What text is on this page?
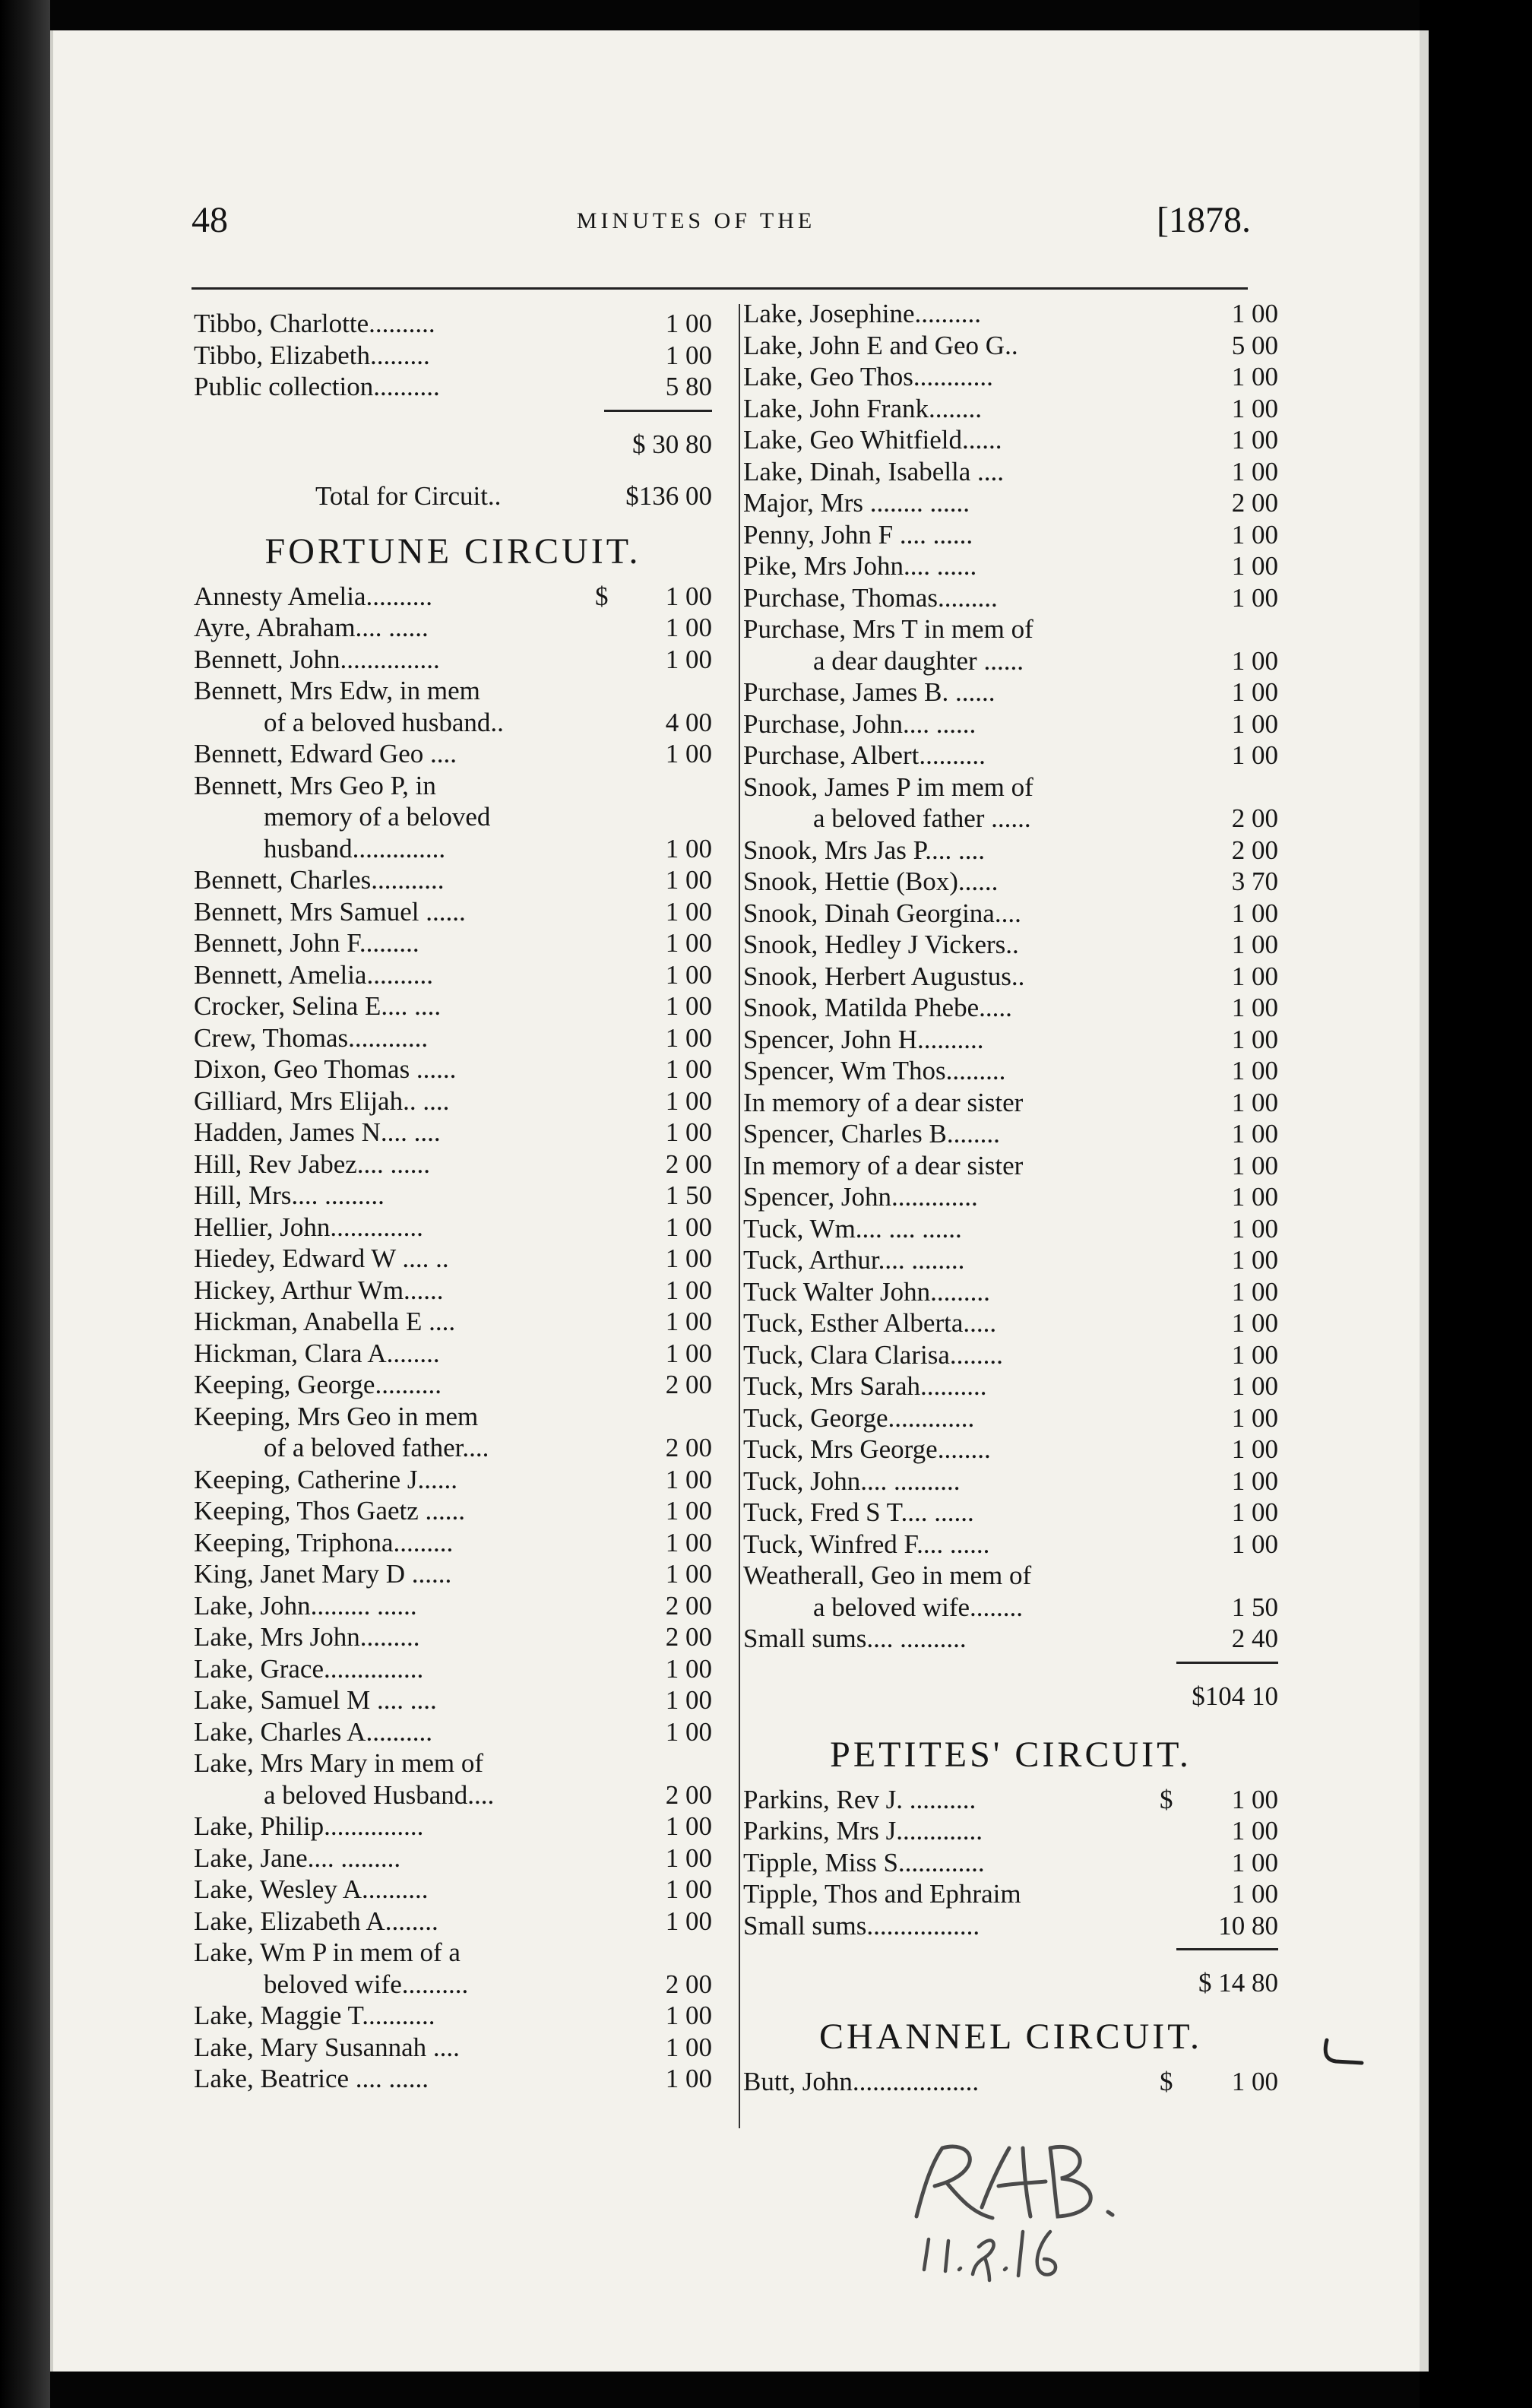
48	MINUTES OF THE	[1878.
Tibbo, Charlotte..........	1 00
Tibbo, Elizabeth.........	1 00
Public collection..........	5 80
$ 30 80
Total for Circuit..	$136 00
FORTUNE CIRCUIT.
Annesty Amelia..........	$ 1 00
Ayre, Abraham.... ......	1 00
Bennett, John...............	1 00
Bennett, Mrs Edw, in mem
of a beloved husband..	4 00
Bennett, Edward Geo ....	1 00
Bennett, Mrs Geo P, in
memory of a beloved
husband..............	1 00
Bennett, Charles...........	1 00
Bennett, Mrs Samuel ......	1 00
Bennett, John F.........	1 00
Bennett, Amelia..........	1 00
Crocker, Selina E.... ....	1 00
Crew, Thomas............	1 00
Dixon, Geo Thomas ......	1 00
Gilliard, Mrs Elijah.. ....	1 00
Hadden, James N.... ....	1 00
Hill, Rev Jabez.... ......	2 00
Hill, Mrs.... .........	1 50
Hellier, John..............	1 00
Hiedey, Edward W .... ..	1 00
Hickey, Arthur Wm......	1 00
Hickman, Anabella E ....	1 00
Hickman, Clara A........	1 00
Keeping, George..........	2 00
Keeping, Mrs Geo in mem
of a beloved father....	2 00
Keeping, Catherine J......	1 00
Keeping, Thos Gaetz ......	1 00
Keeping, Triphona.........	1 00
King, Janet Mary D ......	1 00
Lake, John......... ......	2 00
Lake, Mrs John.........	2 00
Lake, Grace...............	1 00
Lake, Samuel M .... ....	1 00
Lake, Charles A..........	1 00
Lake, Mrs Mary in mem of
a beloved Husband....	2 00
Lake, Philip...............	1 00
Lake, Jane.... .........	1 00
Lake, Wesley A..........	1 00
Lake, Elizabeth A........	1 00
Lake, Wm P in mem of a
beloved wife..........	2 00
Lake, Maggie T...........	1 00
Lake, Mary Susannah ....	1 00
Lake, Beatrice .... ......	1 00
Lake, Josephine..........	1 00
Lake, John E and Geo G..	5 00
Lake, Geo Thos............	1 00
Lake, John Frank........	1 00
Lake, Geo Whitfield......	1 00
Lake, Dinah, Isabella ....	1 00
Major, Mrs ........ ......	2 00
Penny, John F .... ......	1 00
Pike, Mrs John.... ......	1 00
Purchase, Thomas.........	1 00
Purchase, Mrs T in mem of
a dear daughter ......	1 00
Purchase, James B. ......	1 00
Purchase, John.... ......	1 00
Purchase, Albert..........	1 00
Snook, James P im mem of
a beloved father ......	2 00
Snook, Mrs Jas P.... ....	2 00
Snook, Hettie (Box)......	3 70
Snook, Dinah Georgina....	1 00
Snook, Hedley J Vickers..	1 00
Snook, Herbert Augustus..	1 00
Snook, Matilda Phebe.....	1 00
Spencer, John H..........	1 00
Spencer, Wm Thos.........	1 00
In memory of a dear sister	1 00
Spencer, Charles B........	1 00
In memory of a dear sister	1 00
Spencer, John.............	1 00
Tuck, Wm.... .... ......	1 00
Tuck, Arthur.... ........	1 00
Tuck Walter John.........	1 00
Tuck, Esther Alberta.....	1 00
Tuck, Clara Clarisa........	1 00
Tuck, Mrs Sarah..........	1 00
Tuck, George.............	1 00
Tuck, Mrs George........	1 00
Tuck, John.... ..........	1 00
Tuck, Fred S T.... ......	1 00
Tuck, Winfred F.... ......	1 00
Weatherall, Geo in mem of
a beloved wife........	1 50
Small sums.... ..........	2 40
$104 10
PETITES' CIRCUIT.
Parkins, Rev J. ..........	$ 1 00
Parkins, Mrs J.............	1 00
Tipple, Miss S.............	1 00
Tipple, Thos and Ephraim	1 00
Small sums.................	10 80
$ 14 80
CHANNEL CIRCUIT.
Butt, John...................	$ 1 00
